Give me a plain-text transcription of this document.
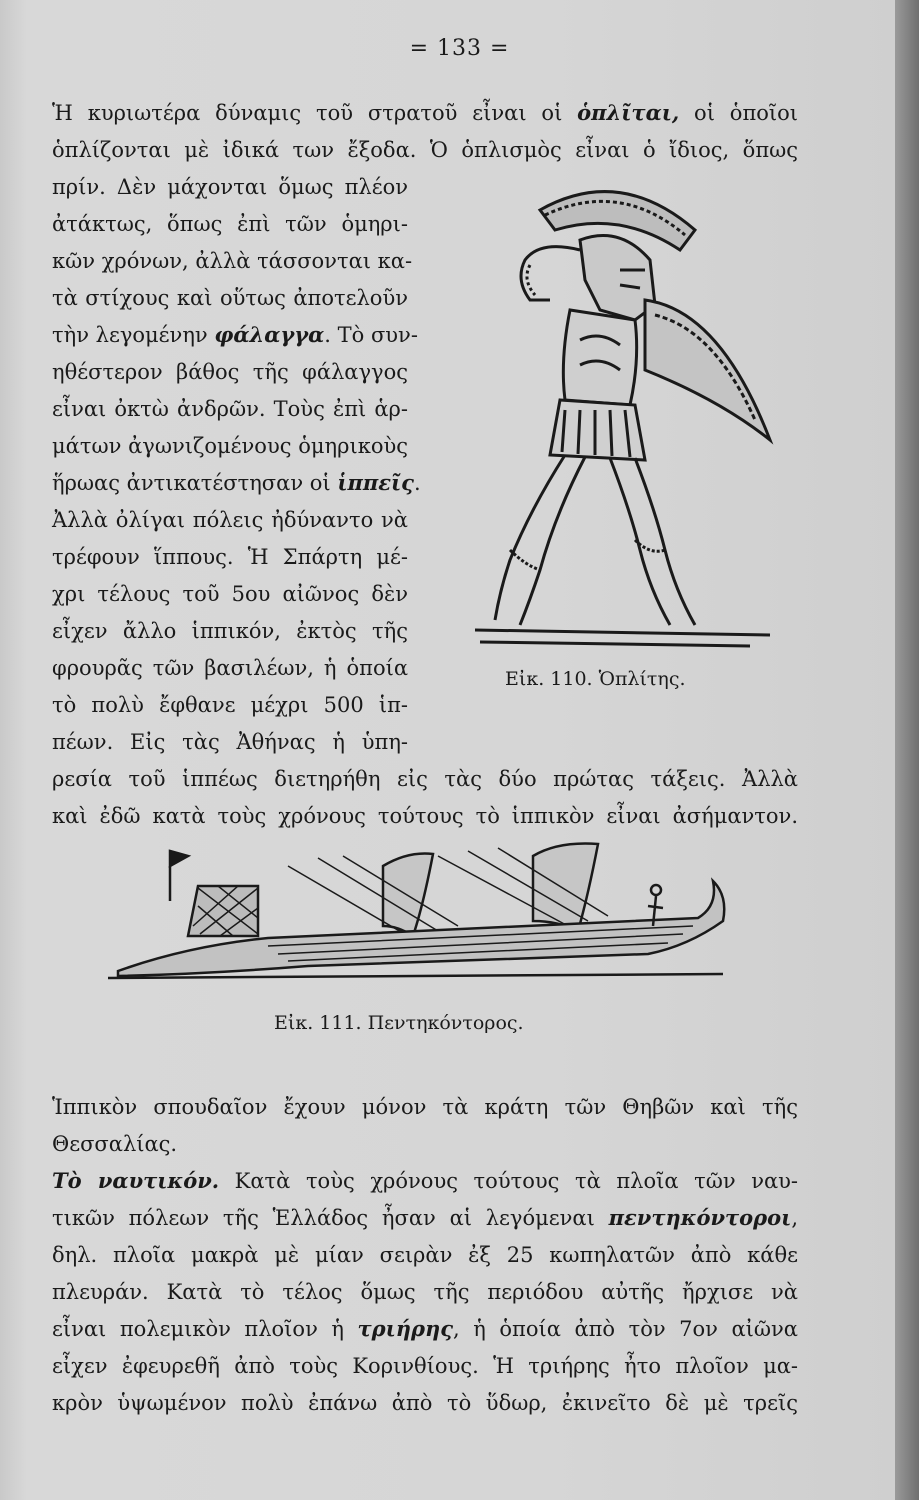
= 133 =
Ἡ κυριωτέρα δύναμις τοῦ στρατοῦ εἶναι οἱ ὁπλῖται, οἱ ὁποῖοι
ὁπλίζονται μὲ ἰδικά των ἔξοδα. Ὁ ὁπλισμὸς εἶναι ὁ ἴδιος, ὅπως
πρίν. Δὲν μάχονται ὅμως πλέον
ἀτάκτως, ὅπως ἐπὶ τῶν ὁμηρι-
κῶν χρόνων, ἀλλὰ τάσσονται κα-
τὰ στίχους καὶ οὕτως ἀποτελοῦν
τὴν λεγομένην φάλαγγα. Τὸ συν-
ηθέστερον βάθος τῆς φάλαγγος
εἶναι ὀκτὼ ἀνδρῶν. Τοὺς ἐπὶ ἁρ-
μάτων ἀγωνιζομένους ὁμηρικοὺς
ἥρωας ἀντικατέστησαν οἱ ἱππεῖς.
Ἀλλὰ ὀλίγαι πόλεις ἠδύναντο νὰ
τρέφουν ἵππους. Ἡ Σπάρτη μέ-
χρι τέλους τοῦ 5ου αἰῶνος δὲν
εἶχεν ἄλλο ἱππικόν, ἐκτὸς τῆς
φρουρᾶς τῶν βασιλέων, ἡ ὁποία
τὸ πολὺ ἔφθανε μέχρι 500 ἱπ-
πέων. Εἰς τὰς Ἀθήνας ἡ ὑπη-
ρεσία τοῦ ἱππέως διετηρήθη εἰς τὰς δύο πρώτας τάξεις. Ἀλλὰ
καὶ ἐδῶ κατὰ τοὺς χρόνους τούτους τὸ ἱππικὸν εἶναι ἀσήμαντον.
Εἰκ. 110. Ὁπλίτης.
Εἰκ. 111. Πεντηκόντορος.
Ἱππικὸν σπουδαῖον ἔχουν μόνον τὰ κράτη τῶν Θηβῶν καὶ τῆς
Θεσσαλίας.
Τὸ ναυτικόν. Κατὰ τοὺς χρόνους τούτους τὰ πλοῖα τῶν ναυ-
τικῶν πόλεων τῆς Ἑλλάδος ἦσαν αἱ λεγόμεναι πεντηκόντοροι,
δηλ. πλοῖα μακρὰ μὲ μίαν σειρὰν ἐξ 25 κωπηλατῶν ἀπὸ κάθε
πλευράν. Κατὰ τὸ τέλος ὅμως τῆς περιόδου αὐτῆς ἤρχισε νὰ
εἶναι πολεμικὸν πλοῖον ἡ τριήρης, ἡ ὁποία ἀπὸ τὸν 7ον αἰῶνα
εἶχεν ἐφευρεθῆ ἀπὸ τοὺς Κορινθίους. Ἡ τριήρης ἦτο πλοῖον μα-
κρὸν ὑψωμένον πολὺ ἐπάνω ἀπὸ τὸ ὕδωρ, ἐκινεῖτο δὲ μὲ τρεῖς
